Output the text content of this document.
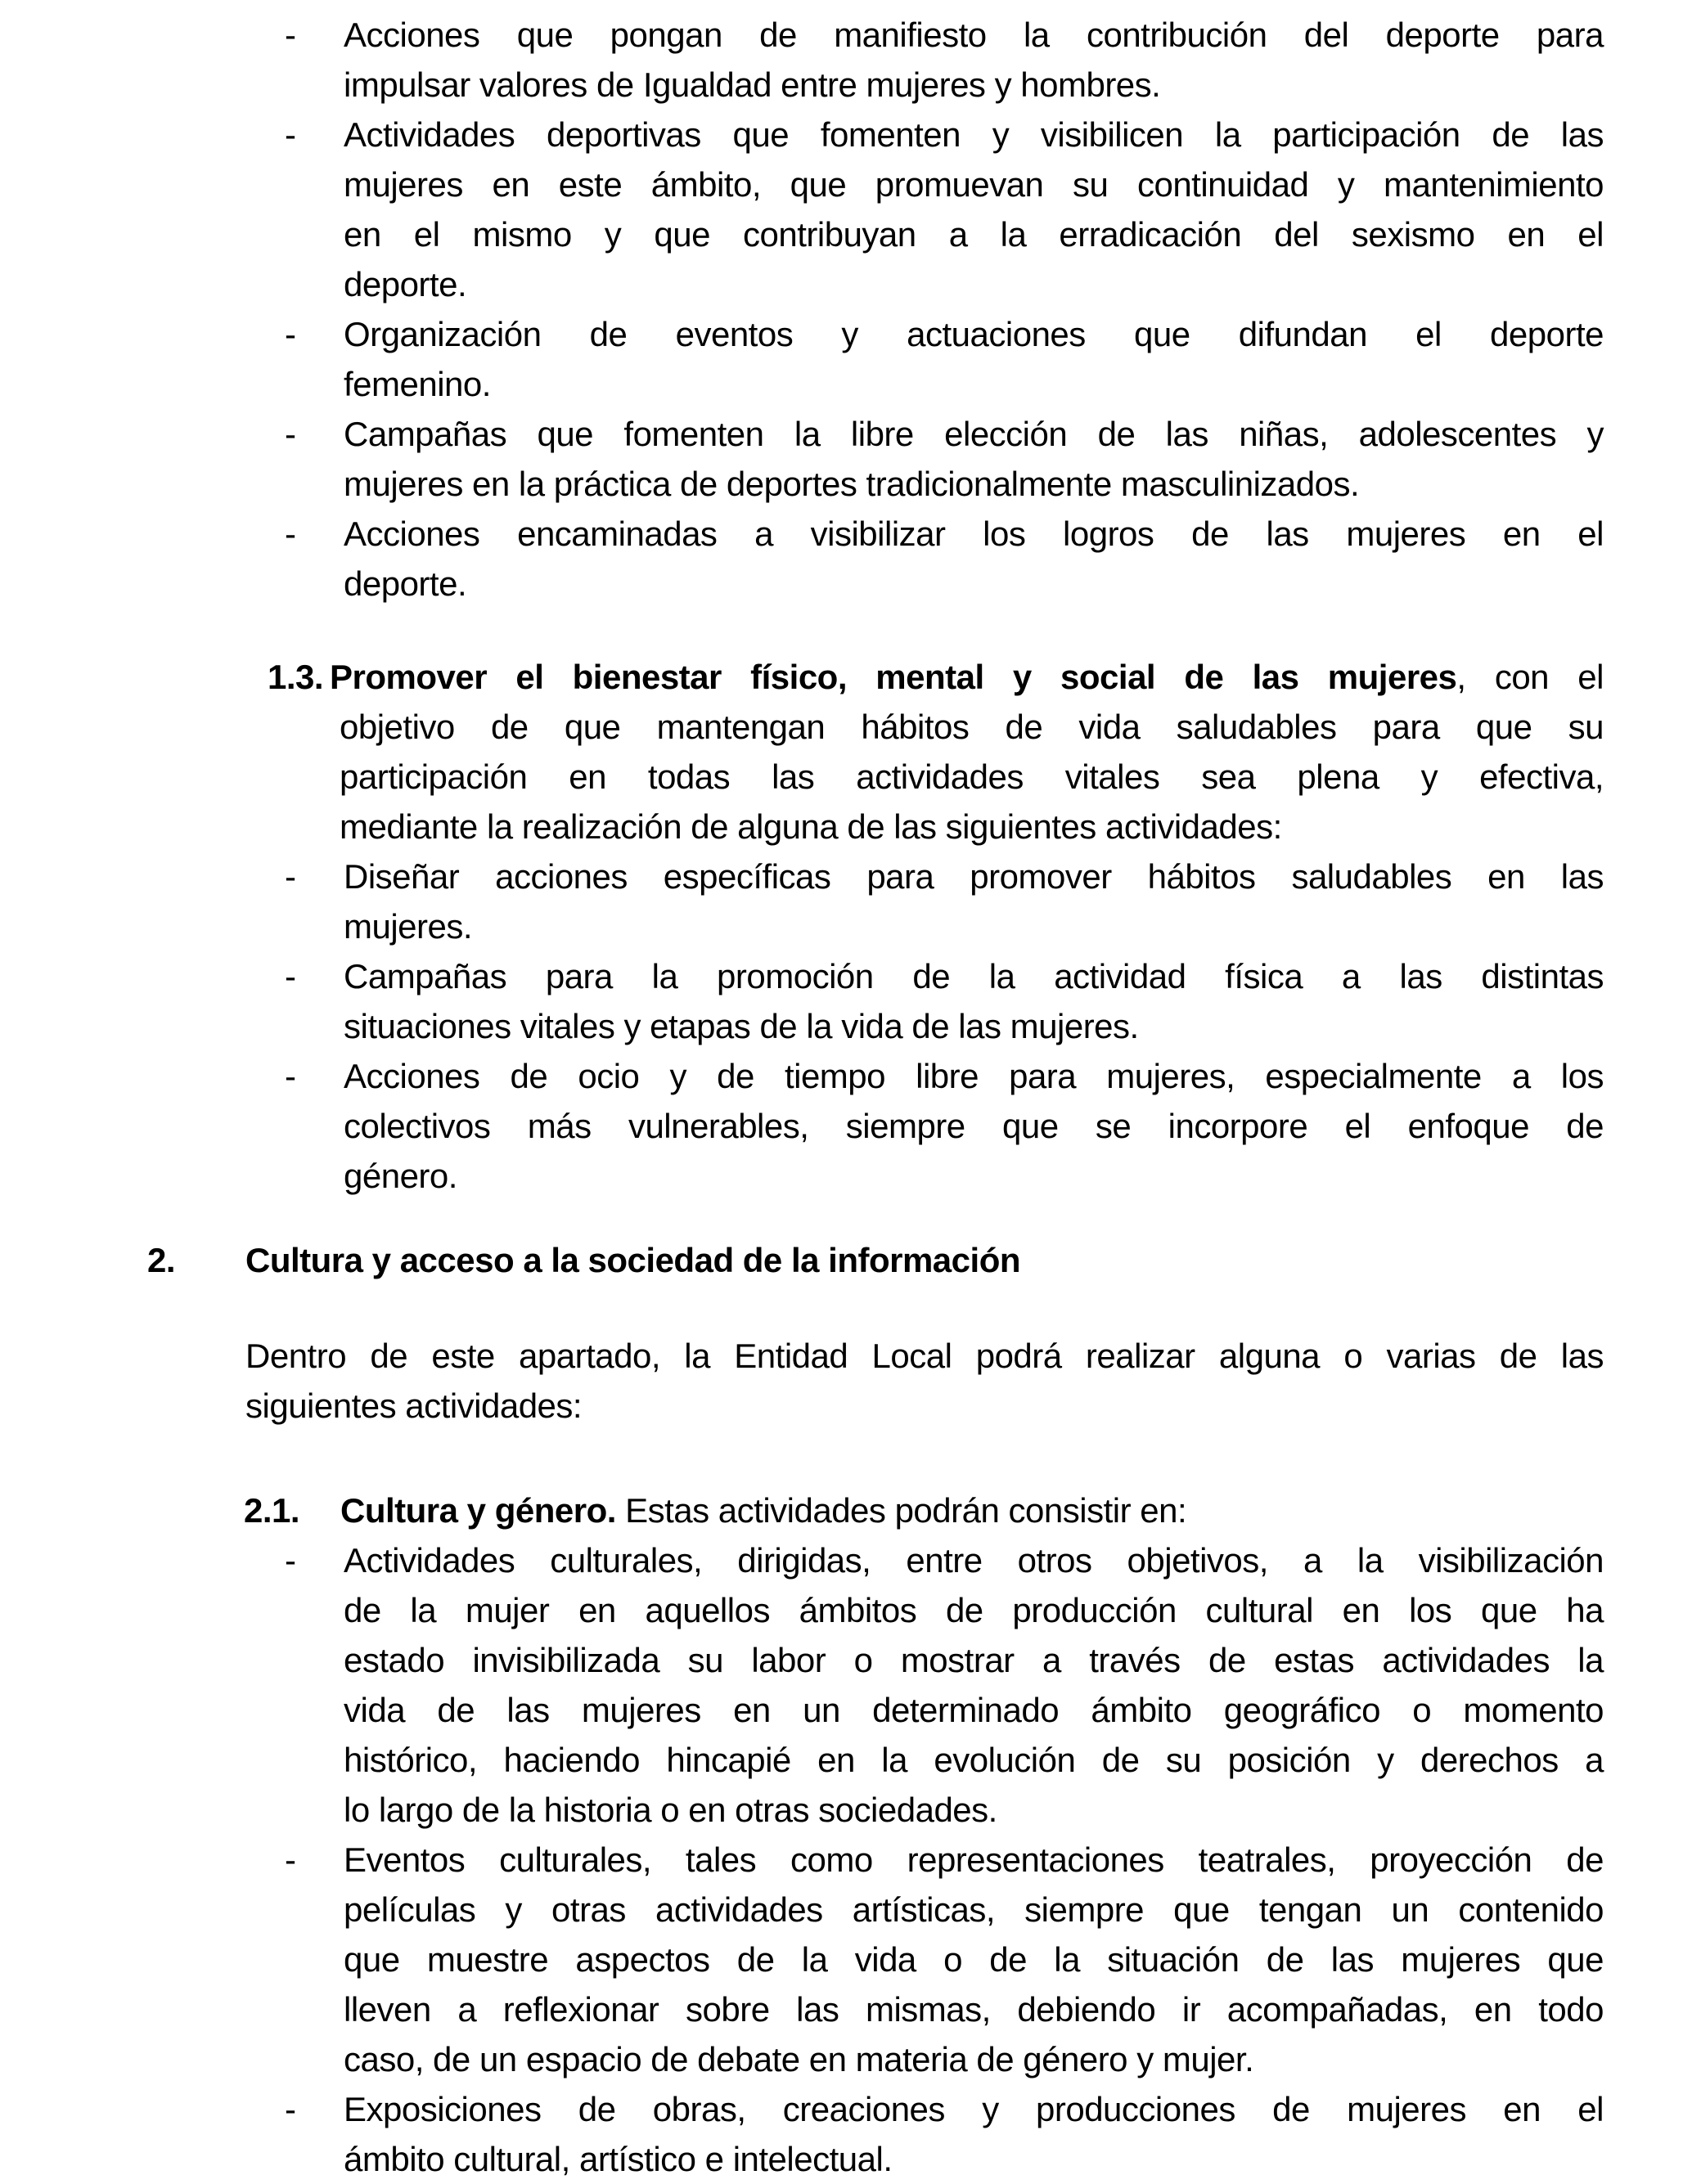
-	Acciones que pongan de manifiesto la contribución del deporte para
impulsar valores de Igualdad entre mujeres y hombres.
-	Actividades deportivas que fomenten y visibilicen la participación de las
mujeres en este ámbito, que promuevan su continuidad y mantenimiento
en el mismo y que contribuyan a la erradicación del sexismo en el
deporte.
-	Organización de eventos y actuaciones que difundan el deporte
femenino.
-	Campañas que fomenten la libre elección de las niñas, adolescentes y
mujeres en la práctica de deportes tradicionalmente masculinizados.
-	Acciones encaminadas a visibilizar los logros de las mujeres en el
deporte.
1.3. Promover el bienestar físico, mental y social de las mujeres, con el
objetivo de que mantengan hábitos de vida saludables para que su
participación en todas las actividades vitales sea plena y efectiva,
mediante la realización de alguna de las siguientes actividades:
-	Diseñar acciones específicas para promover hábitos saludables en las
mujeres.
-	Campañas para la promoción de la actividad física a las distintas
situaciones vitales y etapas de la vida de las mujeres.
-	Acciones de ocio y de tiempo libre para mujeres, especialmente a los
colectivos más vulnerables, siempre que se incorpore el enfoque de
género.
2.	Cultura y acceso a la sociedad de la información
Dentro de este apartado, la Entidad Local podrá realizar alguna o varias de las
siguientes actividades:
2.1.	Cultura y género. Estas actividades podrán consistir en:
-	Actividades culturales, dirigidas, entre otros objetivos, a la visibilización
de la mujer en aquellos ámbitos de producción cultural en los que ha
estado invisibilizada su labor o mostrar a través de estas actividades la
vida de las mujeres en un determinado ámbito geográfico o momento
histórico, haciendo hincapié en la evolución de su posición y derechos a
lo largo de la historia o en otras sociedades.
-	Eventos culturales, tales como representaciones teatrales, proyección de
películas y otras actividades artísticas, siempre que tengan un contenido
que muestre aspectos de la vida o de la situación de las mujeres que
lleven a reflexionar sobre las mismas, debiendo ir acompañadas, en todo
caso, de un espacio de debate en materia de género y mujer.
-	Exposiciones de obras, creaciones y producciones de mujeres en el
ámbito cultural, artístico e intelectual.
